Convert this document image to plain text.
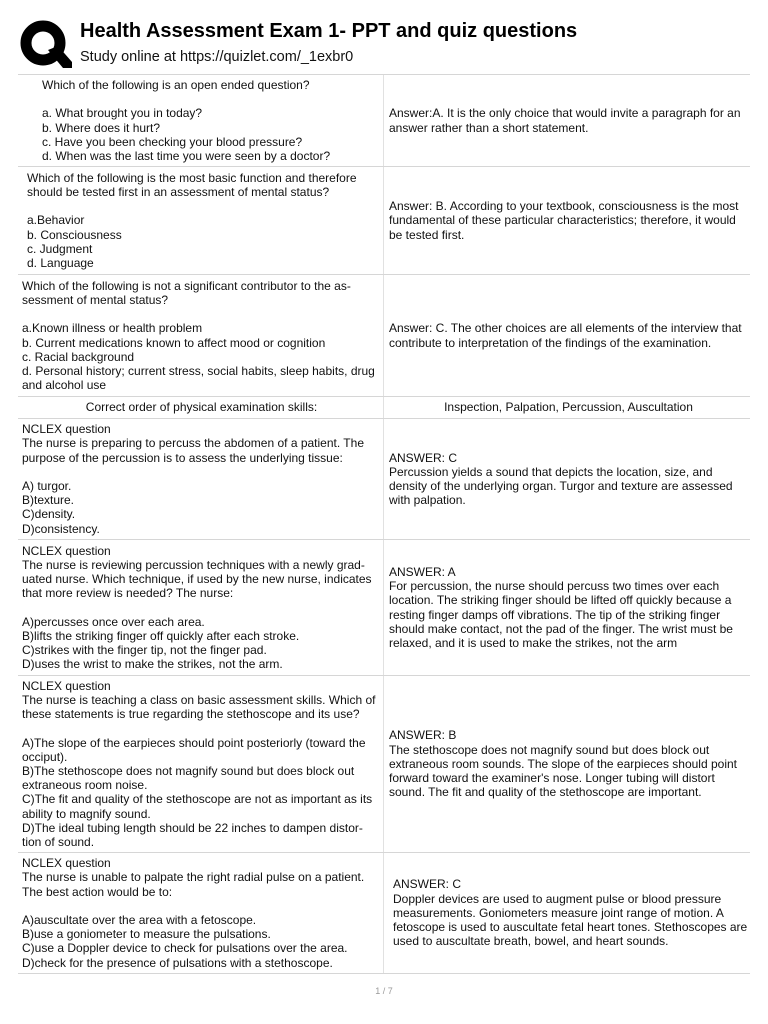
Health Assessment Exam 1- PPT and quiz questions
Study online at https://quizlet.com/_1exbr0
Which of the following is an open ended question?

a. What brought you in today?
b. Where does it hurt?
c. Have you been checking your blood pressure?
d. When was the last time you were seen by a doctor?
Answer:A. It is the only choice that would invite a paragraph for an answer rather than a short statement.
Which of the following is the most basic function and therefore should be tested first in an assessment of mental status?

a.Behavior
b. Consciousness
c. Judgment
d. Language
Answer: B. According to your textbook, consciousness is the most fundamental of these particular characteristics; therefore, it would be tested first.
Which of the following is not a significant contributor to the as-sessment of mental status?

a.Known illness or health problem
b. Current medications known to affect mood or cognition
c. Racial background
d. Personal history; current stress, social habits, sleep habits, drug and alcohol use
Answer: C. The other choices are all elements of the interview that contribute to interpretation of the findings of the examination.
Correct order of physical examination skills:	Inspection, Palpation, Percussion, Auscultation
NCLEX question
The nurse is preparing to percuss the abdomen of a patient. The purpose of the percussion is to assess the underlying tissue:

A) turgor.
B)texture.
C)density.
D)consistency.
ANSWER: C
Percussion yields a sound that depicts the location, size, and density of the underlying organ. Turgor and texture are assessed with palpation.
NCLEX question
The nurse is reviewing percussion techniques with a newly grad-uated nurse. Which technique, if used by the new nurse, indicates that more review is needed? The nurse:

A)percusses once over each area.
B)lifts the striking finger off quickly after each stroke.
C)strikes with the finger tip, not the finger pad.
D)uses the wrist to make the strikes, not the arm.
ANSWER: A
For percussion, the nurse should percuss two times over each location. The striking finger should be lifted off quickly because a resting finger damps off vibrations. The tip of the striking finger should make contact, not the pad of the finger. The wrist must be relaxed, and it is used to make the strikes, not the arm
NCLEX question
The nurse is teaching a class on basic assessment skills. Which of these statements is true regarding the stethoscope and its use?

A)The slope of the earpieces should point posteriorly (toward the occiput).
B)The stethoscope does not magnify sound but does block out extraneous room noise.
C)The fit and quality of the stethoscope are not as important as its ability to magnify sound.
D)The ideal tubing length should be 22 inches to dampen distor-tion of sound.
ANSWER: B
The stethoscope does not magnify sound but does block out extraneous room sounds. The slope of the earpieces should point forward toward the examiner's nose. Longer tubing will distort sound. The fit and quality of the stethoscope are important.
NCLEX question
The nurse is unable to palpate the right radial pulse on a patient. The best action would be to:

A)auscultate over the area with a fetoscope.
B)use a goniometer to measure the pulsations.
C)use a Doppler device to check for pulsations over the area.
D)check for the presence of pulsations with a stethoscope.
ANSWER: C
Doppler devices are used to augment pulse or blood pressure measurements. Goniometers measure joint range of motion. A fetoscope is used to auscultate fetal heart tones. Stethoscopes are used to auscultate breath, bowel, and heart sounds.
1 / 7
